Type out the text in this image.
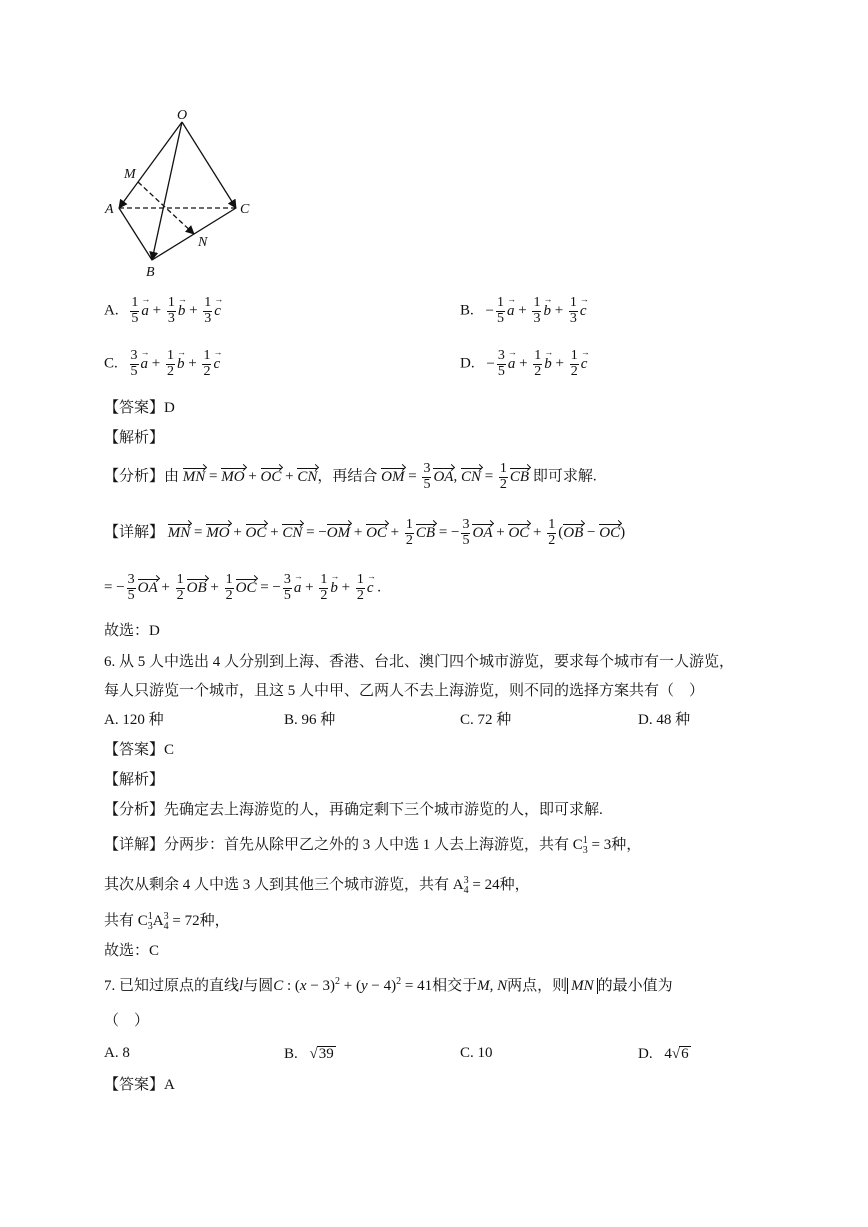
O
M
A	C
N
B
A. $\frac{1}{5}$ a → + $\frac{1}{3}$ b → + $\frac{1}{3}$ c →	B. − $\frac{1}{5}$ a → + $\frac{1}{3}$ b → + $\frac{1}{3}$ c →
C. $\frac{3}{5}$ a → + $\frac{1}{2}$ b → + $\frac{1}{2}$ c →	D. − $\frac{3}{5}$ a → + $\frac{1}{2}$ b → + $\frac{1}{2}$ c →
【答案】D
【解析】
【分析】由 MN = MO + OC + CN，再结合 OM = $\frac{3}{5}$ OA, CN = $\frac{1}{2}$ CB 即可求解.
【详解】 MN = MO + OC + CN = −OM + OC + $\frac{1}{2}$ CB = − $\frac{3}{5}$ OA + OC + $\frac{1}{2} (OB - OC)$
= − $\frac{3}{5}$ OA + $\frac{1}{2}$ OB + $\frac{1}{2}$ OC = − $\frac{3}{5}$ a → + $\frac{1}{2}$ b → + $\frac{1}{2}$ c → .
故选：D
6. 从 5 人中选出 4 人分别到上海、香港、台北、澳门四个城市游览，要求每个城市有一人游览，
每人只游览一个城市，且这 5 人中甲、乙两人不去上海游览，则不同的选择方案共有（　）
A. 120 种	B. 96 种	C. 72 种	D. 48 种
【答案】C
【解析】
【分析】先确定去上海游览的人，再确定剩下三个城市游览的人，即可求解.
【详解】分两步：首先从除甲乙之外的 3 人中选 1 人去上海游览，共有 $C^1_3 = 3$种，
其次从剩余 4 人中选 3 人到其他三个城市游览，共有 $A^3_4 = 24$种，
共有 $C^1_3A^3_4 = 72$种，
故选：C
7. 已知过原点的直线l与圆C : $(x - 3)^2 + (y - 4)^2 = 41$相交于M, N两点，则 MN 的最小值为
（　）
A. 8	B. √39	C. 10	D. 4√6
【答案】A
